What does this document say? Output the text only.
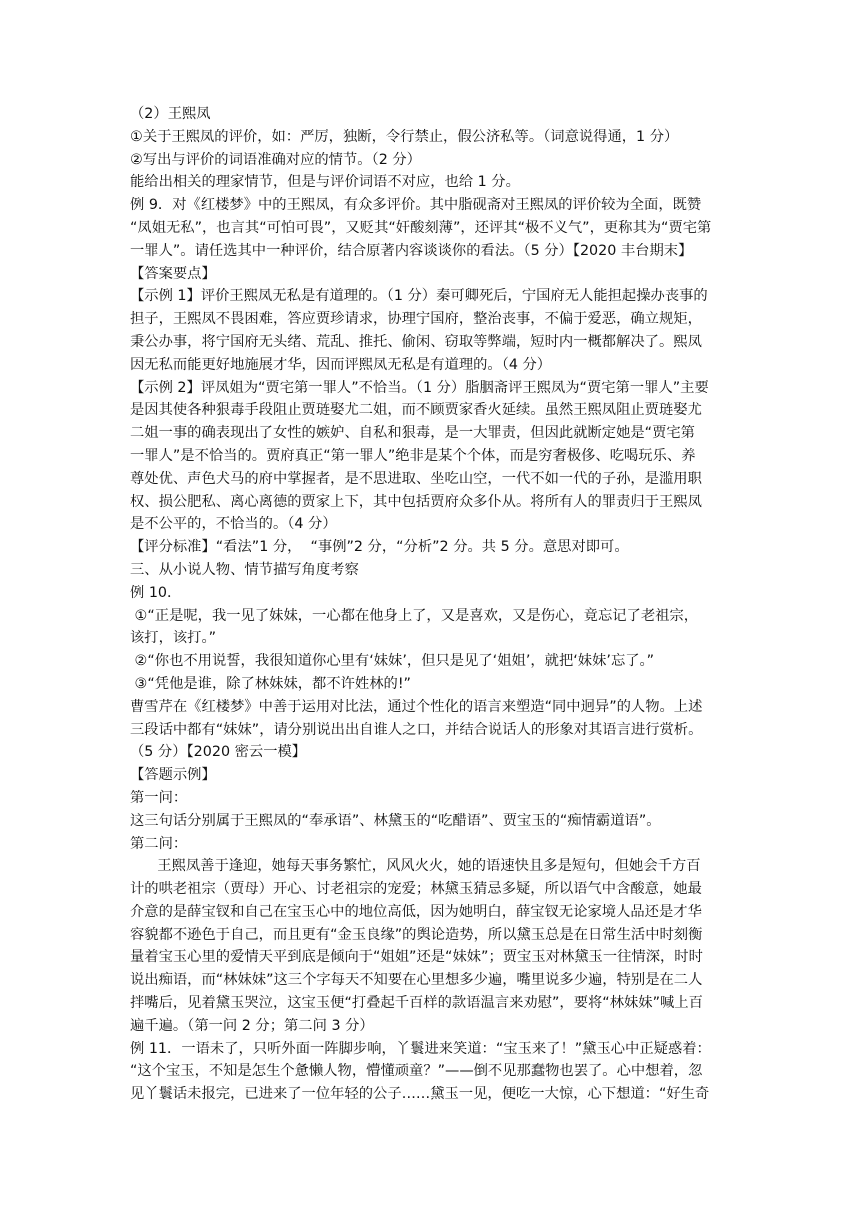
（2）王熙凤
①关于王熙凤的评价，如：严厉，独断，令行禁止，假公济私等。（词意说得通，1 分）
②写出与评价的词语准确对应的情节。（2 分）
能给出相关的理家情节，但是与评价词语不对应，也给 1 分。
例 9．对《红楼梦》中的王熙凤，有众多评价。其中脂砚斋对王熙凤的评价较为全面，既赞
“凤姐无私”，也言其“可怕可畏”，又贬其“奸酸刻薄”，还评其“极不义气”，更称其为“贾宅第
一罪人”。请任选其中一种评价，结合原著内容谈谈你的看法。（5 分）【2020 丰台期末】
【答案要点】
【示例 1】评价王熙凤无私是有道理的。（1 分）秦可卿死后，宁国府无人能担起操办丧事的
担子，王熙凤不畏困难，答应贾珍请求，协理宁国府，整治丧事，不偏于爱恶，确立规矩，
秉公办事，将宁国府无头绪、荒乱、推托、偷闲、窃取等弊端，短时内一概都解决了。熙凤
因无私而能更好地施展才华，因而评熙凤无私是有道理的。（4 分）
【示例 2】评凤姐为“贾宅第一罪人”不恰当。（1 分）脂胭斋评王熙凤为“贾宅第一罪人”主要
是因其使各种狠毒手段阻止贾琏娶尤二姐，而不顾贾家香火延续。虽然王熙凤阻止贾琏娶尤
二姐一事的确表现出了女性的嫉妒、自私和狠毒，是一大罪责，但因此就断定她是“贾宅第
一罪人”是不恰当的。贾府真正“第一罪人”绝非是某个个体，而是穷奢极侈、吃喝玩乐、养
尊处优、声色犬马的府中掌握者，是不思进取、坐吃山空，一代不如一代的子孙，是滥用职
权、损公肥私、离心离德的贾家上下，其中包括贾府众多仆从。将所有人的罪责归于王熙凤
是不公平的，不恰当的。（4 分）
【评分标准】“看法”1 分，  “事例”2 分，“分析”2 分。共 5 分。意思对即可。
三、从小说人物、情节描写角度考察
例 10．
①“正是呢，我一见了妹妹，一心都在他身上了，又是喜欢，又是伤心，竟忘记了老祖宗，
该打，该打。”
②“你也不用说誓，我很知道你心里有‘妹妹’，但只是见了‘姐姐’，就把‘妹妹’忘了。”
③“凭他是谁，除了林妹妹，都不许姓林的!”
曹雪芹在《红楼梦》中善于运用对比法，通过个性化的语言来塑造“同中迥异”的人物。上述
三段话中都有“妹妹”，请分别说出出自谁人之口，并结合说话人的形象对其语言进行赏析。
（5 分）【2020 密云一模】
【答题示例】
第一问：
这三句话分别属于王熙凤的“奉承语”、林黛玉的“吃醋语”、贾宝玉的“痴情霸道语”。
第二问：
王熙凤善于逢迎，她每天事务繁忙，风风火火，她的语速快且多是短句，但她会千方百
计的哄老祖宗（贾母）开心、讨老祖宗的宠爱；林黛玉猜忌多疑，所以语气中含酸意，她最
介意的是薛宝钗和自己在宝玉心中的地位高低，因为她明白，薛宝钗无论家境人品还是才华
容貌都不逊色于自己，而且更有“金玉良缘”的舆论造势，所以黛玉总是在日常生活中时刻衡
量着宝玉心里的爱情天平到底是倾向于“姐姐”还是“妹妹”；贾宝玉对林黛玉一往情深，时时
说出痴语，而“林妹妹”这三个字每天不知要在心里想多少遍，嘴里说多少遍，特别是在二人
拌嘴后，见着黛玉哭泣，这宝玉便“打叠起千百样的款语温言来劝慰”，要将“林妹妹”喊上百
遍千遍。（第一问 2 分；第二问 3 分）
例 11．一语未了，只听外面一阵脚步响，丫鬟进来笑道：“宝玉来了！”黛玉心中正疑惑着：
“这个宝玉，不知是怎生个惫懒人物，懵懂顽童？”——倒不见那蠢物也罢了。心中想着，忽
见丫鬟话未报完，已进来了一位年轻的公子……黛玉一见，便吃一大惊，心下想道：“好生奇
